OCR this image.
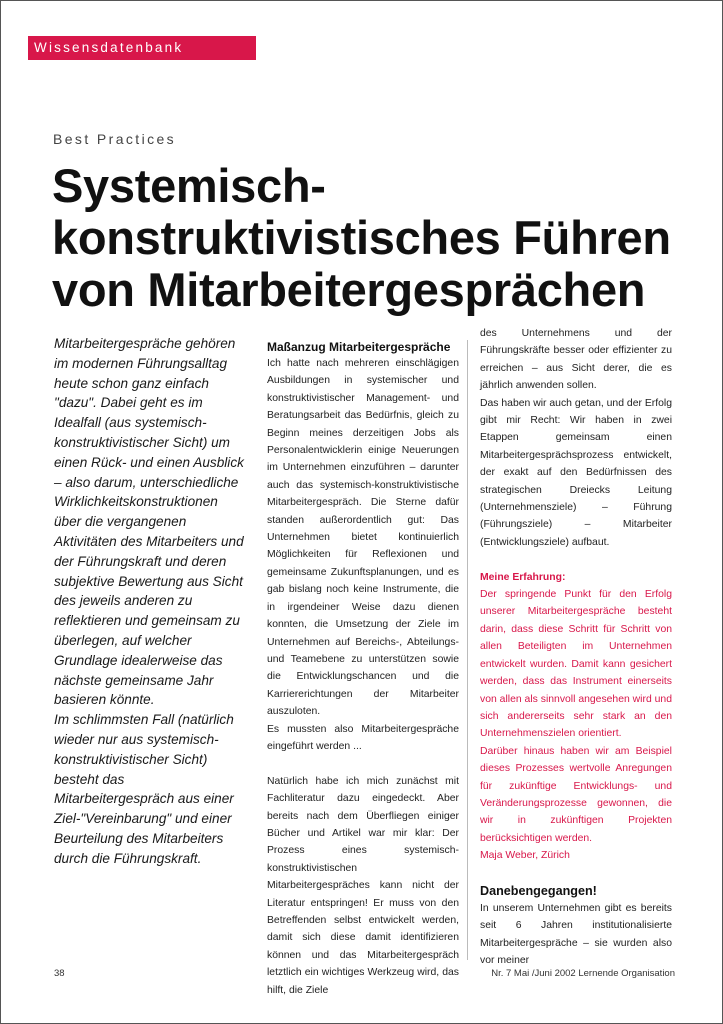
Wissensdatenbank
Best Practices
Systemisch-
konstruktivistisches Führen
von Mitarbeitergesprächen

Mitarbeitergespräche gehören im modernen Führungsalltag heute schon ganz einfach "dazu". Dabei geht es im Idealfall (aus systemisch-konstruktivistischer Sicht) um einen Rück- und einen Ausblick – also darum, unterschiedliche Wirklichkeitskonstruktionen über die vergangenen Aktivitäten des Mitarbeiters und der Führungskraft und deren subjektive Bewertung aus Sicht des jeweils anderen zu reflektieren und gemeinsam zu überlegen, auf welcher Grundlage idealerweise das nächste gemeinsame Jahr basieren könnte.

Im schlimmsten Fall (natürlich wieder nur aus systemisch-konstruktivistischer Sicht) besteht das Mitarbeitergespräch aus einer Ziel-"Vereinbarung" und einer Beurteilung des Mitarbeiters durch die Führungskraft.

Maßanzug Mitarbeitergespräche

Ich hatte nach mehreren einschlägigen Ausbildungen in systemischer und konstruktivistischer Management- und Beratungsarbeit das Bedürfnis, gleich zu Beginn meines derzeitigen Jobs als Personalentwicklerin einige Neuerungen im Unternehmen einzuführen – darunter auch das systemisch-konstruktivistische Mitarbeitergespräch. Die Sterne dafür standen außerordentlich gut: Das Unternehmen bietet kontinuierlich Möglichkeiten für Reflexionen und gemeinsame Zukunftsplanungen, und es gab bislang noch keine Instrumente, die in irgendeiner Weise dazu dienen konnten, die Umsetzung der Ziele im Unternehmen auf Bereichs-, Abteilungs- und Teamebene zu unterstützen sowie die Entwicklungschancen und die Karriererichtungen der Mitarbeiter auszuloten.

Es mussten also Mitarbeitergespräche eingeführt werden ...

Natürlich habe ich mich zunächst mit Fachliteratur dazu eingedeckt. Aber bereits nach dem Überfliegen einiger Bücher und Artikel war mir klar: Der Prozess eines systemisch-konstruktivistischen Mitarbeitergespräches kann nicht der Literatur entspringen! Er muss von den Betreffenden selbst entwickelt werden, damit sich diese damit identifizieren können und das Mitarbeitergespräch letztlich ein wichtiges Werkzeug wird, das hilft, die Ziele

des Unternehmens und der Führungskräfte besser oder effizienter zu erreichen – aus Sicht derer, die es jährlich anwenden sollen.

Das haben wir auch getan, und der Erfolg gibt mir Recht: Wir haben in zwei Etappen gemeinsam einen Mitarbeitergesprächsprozess entwickelt, der exakt auf den Bedürfnissen des strategischen Dreiecks Leitung (Unternehmensziele) – Führung (Führungsziele) – Mitarbeiter (Entwicklungsziele) aufbaut.

Meine Erfahrung:

Der springende Punkt für den Erfolg unserer Mitarbeitergespräche besteht darin, dass diese Schritt für Schritt von allen Beteiligten im Unternehmen entwickelt wurden. Damit kann gesichert werden, dass das Instrument einerseits von allen als sinnvoll angesehen wird und sich andererseits sehr stark an den Unternehmenszielen orientiert.

Darüber hinaus haben wir am Beispiel dieses Prozesses wertvolle Anregungen für zukünftige Entwicklungs- und Veränderungsprozesse gewonnen, die wir in zukünftigen Projekten berücksichtigen werden.

Maja Weber, Zürich

Danebengegangen!

In unserem Unternehmen gibt es bereits seit 6 Jahren institutionalisierte Mitarbeitergespräche – sie wurden also vor meiner

38	Nr. 7 Mai /Juni 2002 Lernende Organisation
